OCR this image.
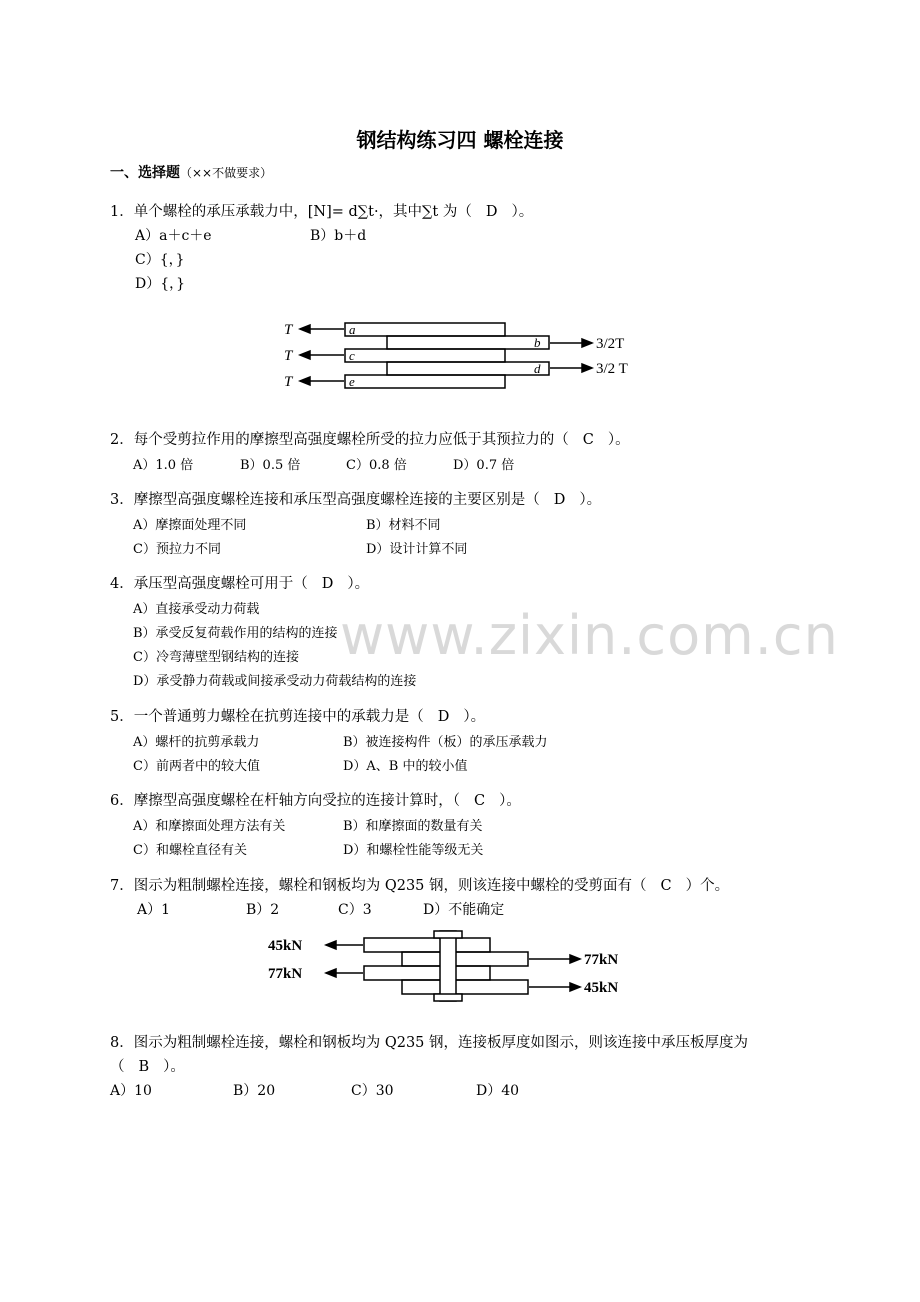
钢结构练习四 螺栓连接
一、选择题（××不做要求）
1．单个螺栓的承压承载力中，[N]= d∑t·，其中∑t 为（ D ）。
A）a＋c＋e	B）b＋d
C）{，}
D）{，}
T
T
T
3/2T
3/2 T
a
b
c
d
e
2．每个受剪拉作用的摩擦型高强度螺栓所受的拉力应低于其预拉力的（ C ）。
A）1.0 倍	B）0.5 倍	C）0.8 倍	D）0.7 倍
3．摩擦型高强度螺栓连接和承压型高强度螺栓连接的主要区别是（ D ）。
A）摩擦面处理不同	B）材料不同
C）预拉力不同	D）设计计算不同
4．承压型高强度螺栓可用于（ D ）。
A）直接承受动力荷载
B）承受反复荷载作用的结构的连接
C）冷弯薄壁型钢结构的连接
D）承受静力荷载或间接承受动力荷载结构的连接
www.zixin.com.cn
5．一个普通剪力螺栓在抗剪连接中的承载力是（ D ）。
A）螺杆的抗剪承载力	B）被连接构件（板）的承压承载力
C）前两者中的较大值	D）A、B 中的较小值
6．摩擦型高强度螺栓在杆轴方向受拉的连接计算时，（ C ）。
A）和摩擦面处理方法有关	B）和摩擦面的数量有关
C）和螺栓直径有关	D）和螺栓性能等级无关
7．图示为粗制螺栓连接，螺栓和钢板均为 Q235 钢，则该连接中螺栓的受剪面有（ C ）个。
A）1	B）2	C）3	D）不能确定
45kN
77kN
77kN
45kN
8．图示为粗制螺栓连接，螺栓和钢板均为 Q235 钢，连接板厚度如图示，则该连接中承压板厚度为
（ B ）。
A）10	B）20	C）30	D）40
